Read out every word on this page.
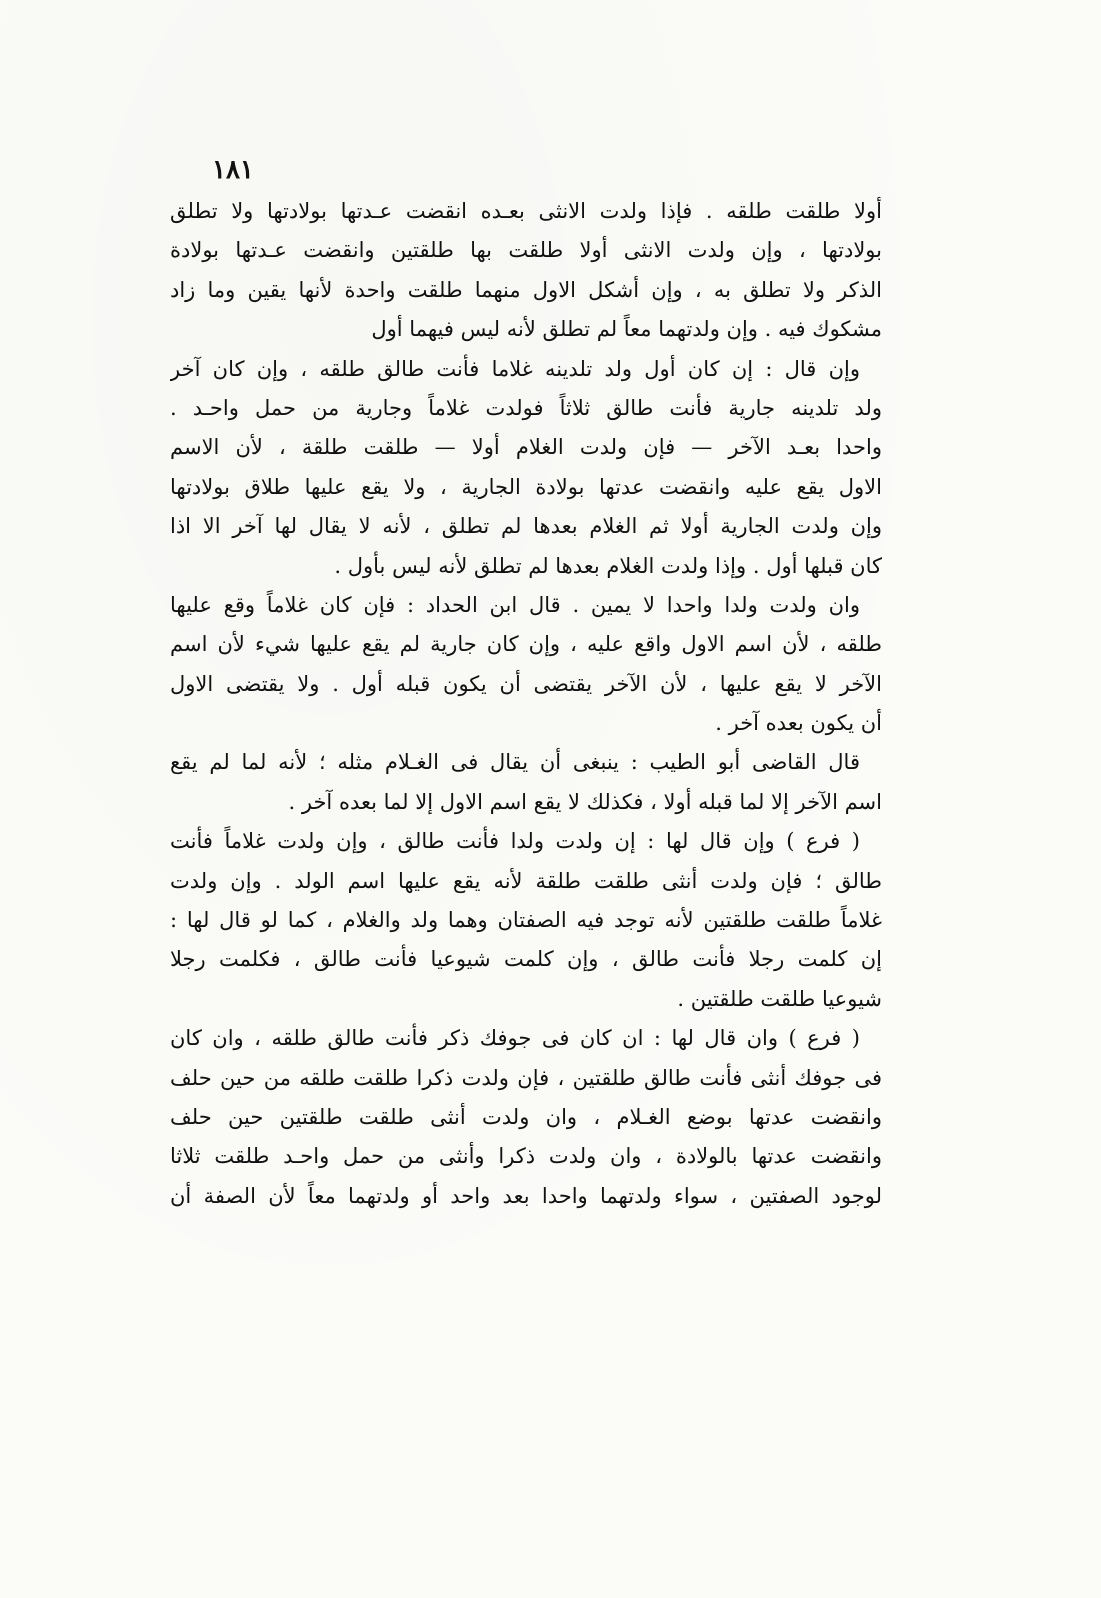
١٨١
أولا طلقت طلقه . فإذا ولدت الانثى بعـده انقضت عـدتها بولادتها ولا تطلق
بولادتها ، وإن ولدت الانثى أولا طلقت بها طلقتين وانقضت عـدتها بولادة
الذكر ولا تطلق به ، وإن أشكل الاول منهما طلقت واحدة لأنها يقين وما زاد
مشكوك فيه . وإن ولدتهما معاً لم تطلق لأنه ليس فيهما أول
وإن قال : إن كان أول ولد تلدينه غلاما فأنت طالق طلقه ، وإن كان آخر
ولد تلدينه جارية فأنت طالق ثلاثاً فولدت غلاماً وجارية من حمل واحـد .
واحدا بعـد الآخر — فإن ولدت الغلام أولا — طلقت طلقة ، لأن الاسم
الاول يقع عليه وانقضت عدتها بولادة الجارية ، ولا يقع عليها طلاق بولادتها
وإن ولدت الجارية أولا ثم الغلام بعدها لم تطلق ، لأنه لا يقال لها آخر الا اذا
كان قبلها أول . وإذا ولدت الغلام بعدها لم تطلق لأنه ليس بأول .
وان ولدت ولدا واحدا لا يمين . قال ابن الحداد : فإن كان غلاماً وقع عليها
طلقه ، لأن اسم الاول واقع عليه ، وإن كان جارية لم يقع عليها شيء لأن اسم
الآخر لا يقع عليها ، لأن الآخر يقتضى أن يكون قبله أول . ولا يقتضى الاول
أن يكون بعده آخر .
قال القاضى أبو الطيب : ينبغى أن يقال فى الغـلام مثله ؛ لأنه لما لم يقع
اسم الآخر إلا لما قبله أولا ، فكذلك لا يقع اسم الاول إلا لما بعده آخر .
( فرع ) وإن قال لها : إن ولدت ولدا فأنت طالق ، وإن ولدت غلاماً فأنت
طالق ؛ فإن ولدت أنثى طلقت طلقة لأنه يقع عليها اسم الولد . وإن ولدت
غلاماً طلقت طلقتين لأنه توجد فيه الصفتان وهما ولد والغلام ، كما لو قال لها :
إن كلمت رجلا فأنت طالق ، وإن كلمت شيوعيا فأنت طالق ، فكلمت رجلا
شيوعيا طلقت طلقتين .
( فرع ) وان قال لها : ان كان فى جوفك ذكر فأنت طالق طلقه ، وان كان
فى جوفك أنثى فأنت طالق طلقتين ، فإن ولدت ذكرا طلقت طلقه من حين حلف
وانقضت عدتها بوضع الغـلام ، وان ولدت أنثى طلقت طلقتين حين حلف
وانقضت عدتها بالولادة ، وان ولدت ذكرا وأنثى من حمل واحـد طلقت ثلاثا
لوجود الصفتين ، سواء ولدتهما واحدا بعد واحد أو ولدتهما معاً لأن الصفة أن
